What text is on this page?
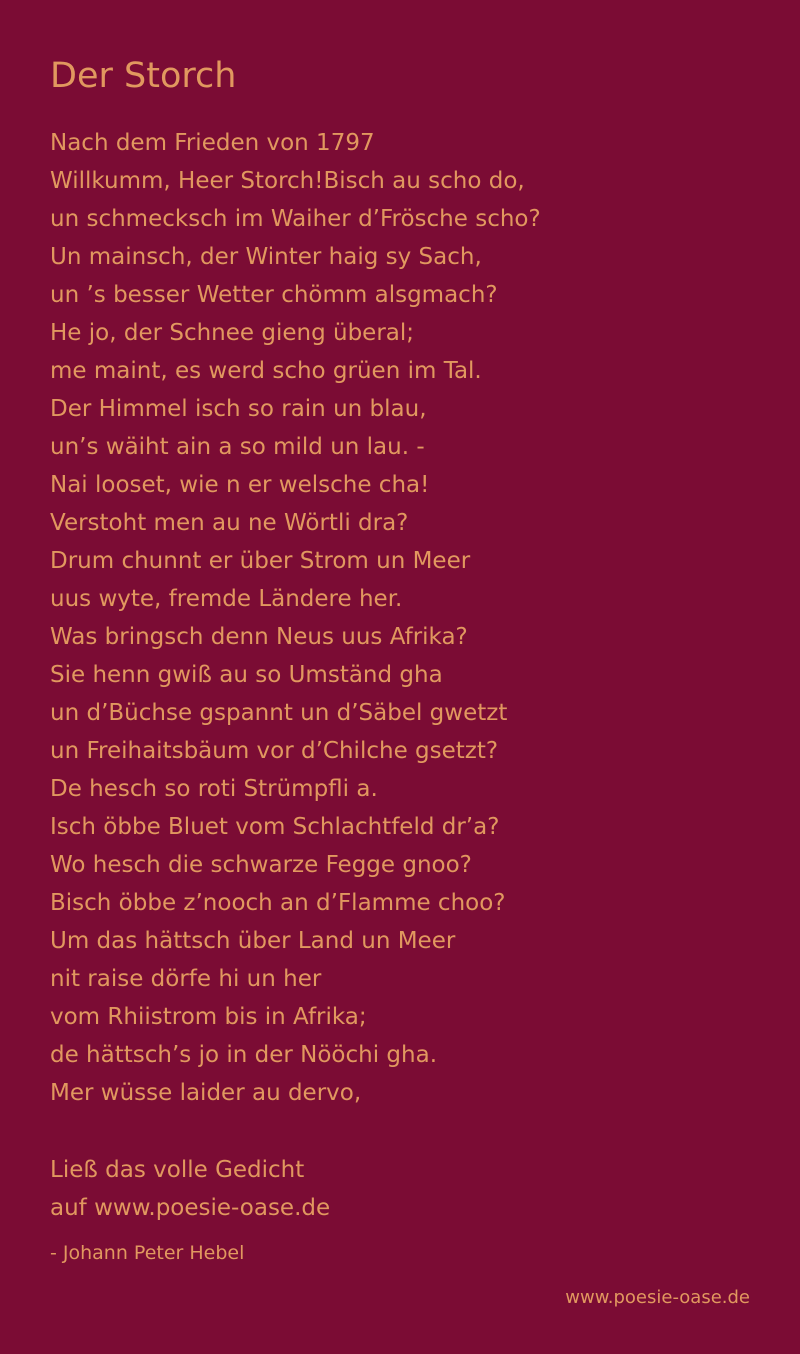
Der Storch
Nach dem Frieden von 1797
Willkumm, Heer Storch!Bisch au scho do,
un schmecksch im Waiher d’Frösche scho?
Un mainsch, der Winter haig sy Sach,
un ’s besser Wetter chömm alsgmach?
He jo, der Schnee gieng überal;
me maint, es werd scho grüen im Tal.
Der Himmel isch so rain un blau,
un’s wäiht ain a so mild un lau. -
Nai looset, wie n er welsche cha!
Verstoht men au ne Wörtli dra?
Drum chunnt er über Strom un Meer
uus wyte, fremde Ländere her.
Was bringsch denn Neus uus Afrika?
Sie henn gwiß au so Umständ gha
un d’Büchse gspannt un d’Säbel gwetzt
un Freihaitsbäum vor d’Chilche gsetzt?
De hesch so roti Strümpfli a.
Isch öbbe Bluet vom Schlachtfeld dr’a?
Wo hesch die schwarze Fegge gnoo?
Bisch öbbe z’nooch an d’Flamme choo?
Um das hättsch über Land un Meer
nit raise dörfe hi un her
vom Rhiistrom bis in Afrika;
de hättsch’s jo in der Nööchi gha.
Mer wüsse laider au dervo,
Ließ das volle Gedicht
auf www.poesie-oase.de
- Johann Peter Hebel
www.poesie-oase.de
